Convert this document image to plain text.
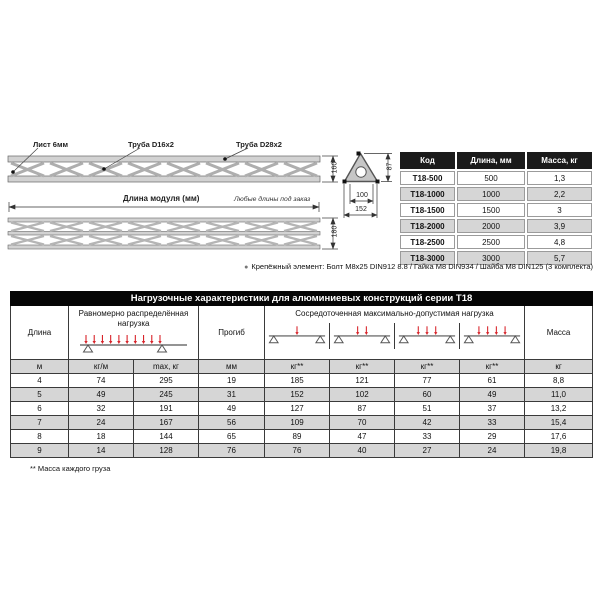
Лист 6мм	Труба D16x2	Труба D28x2
Длина модуля (мм)	Любые длины под заказ
160
180
87
100
152
Код	Длина, мм	Масса, кг
T18-500	500	1,3
T18-1000	1000	2,2
T18-1500	1500	3
T18-2000	2000	3,9
T18-2500	2500	4,8
T18-3000	3000	5,7
● Крепёжный элемент: Болт M8x25 DIN912 8.8 / Гайка M8 DIN934 / Шайба M8 DIN125 (3 комплекта)
Нагрузочные характеристики для алюминиевых конструкций серии Т18								
Длина	Равномерно распределённая нагрузка		Прогиб	Сосредоточенная максимально-допустимая нагрузка				Масса
м	кг/м	max, кг	мм	кг**	кг**	кг**	кг**	кг
4	74	295	19	185	121	77	61	8,8
5	49	245	31	152	102	60	49	11,0
6	32	191	49	127	87	51	37	13,2
7	24	167	56	109	70	42	33	15,4
8	18	144	65	89	47	33	29	17,6
9	14	128	76	76	40	27	24	19,8
** Масса каждого груза
